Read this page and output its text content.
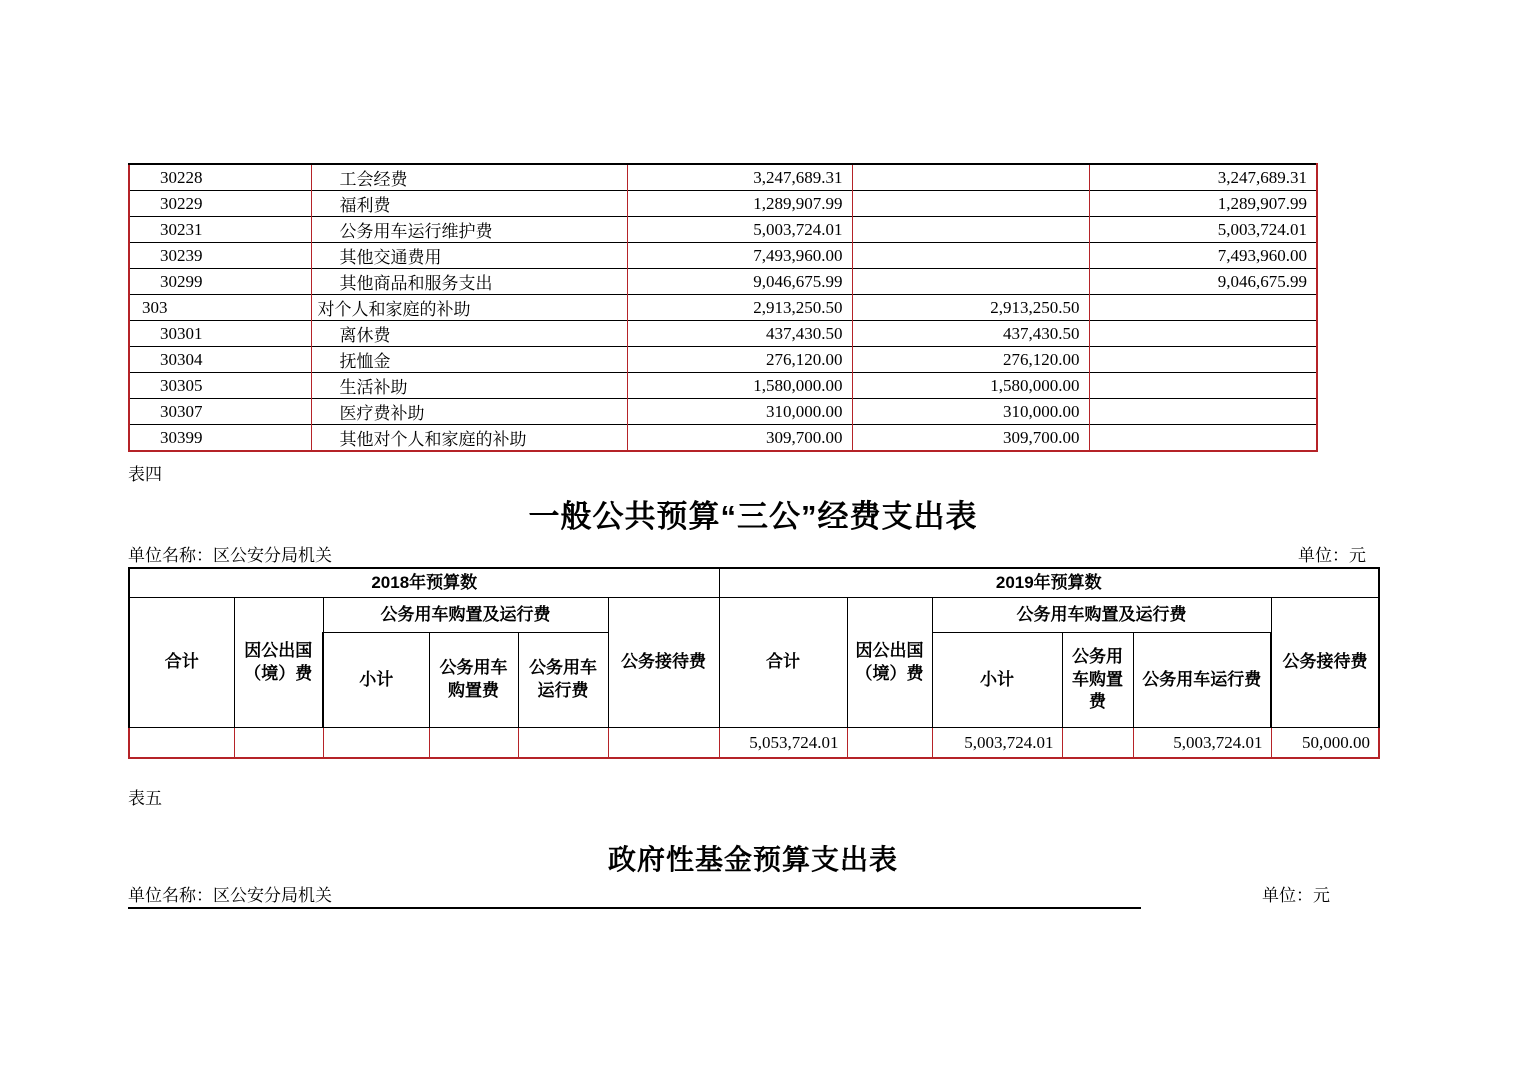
30228	工会经费	3,247,689.31		3,247,689.31
30229	福利费	1,289,907.99		1,289,907.99
30231	公务用车运行维护费	5,003,724.01		5,003,724.01
30239	其他交通费用	7,493,960.00		7,493,960.00
30299	其他商品和服务支出	9,046,675.99		9,046,675.99
303	对个人和家庭的补助	2,913,250.50	2,913,250.50	
30301	离休费	437,430.50	437,430.50	
30304	抚恤金	276,120.00	276,120.00	
30305	生活补助	1,580,000.00	1,580,000.00	
30307	医疗费补助	310,000.00	310,000.00	
30399	其他对个人和家庭的补助	309,700.00	309,700.00	
表四
一般公共预算“三公”经费支出表
单位名称：区公安分局机关	单位：元
2018年预算数						2019年预算数					
合计	因公出国（境）费	公务用车购置及运行费			公务接待费	合计	因公出国（境）费	公务用车购置及运行费			公务接待费
		小计	公务用车购置费	公务用车运行费				小计	公务用车购置费	公务用车运行费	
						5,053,724.01		5,003,724.01		5,003,724.01	50,000.00
表五
政府性基金预算支出表
单位名称：区公安分局机关	单位：元
